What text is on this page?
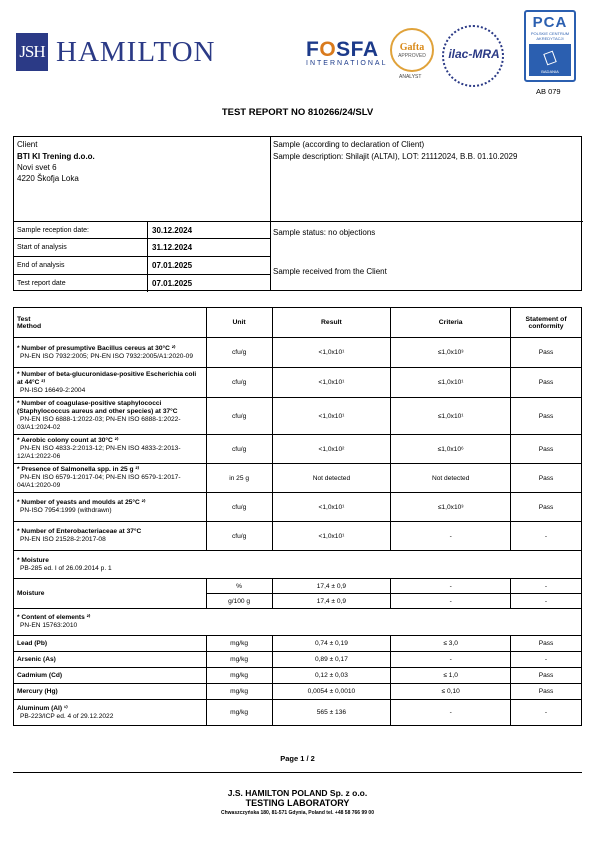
JSH HAMILTON	FOSFA
INTERNATIONAL
Gafta
APPROVED
ANALYST
ilac-MRA
PCA
POLSKIE CENTRUM AKREDYTACJI
BADANIA
AB 079
TEST REPORT NO 810266/24/SLV
Client
BTI KI Trening d.o.o.
Novi svet 6
4220 Škofja Loka
Sample (according to declaration of Client)
Sample description: Shilajit (ALTAI), LOT: 21112024, B.B. 01.10.2029
Sample reception date:	30.12.2024
Start of analysis	31.12.2024
End of analysis	07.01.2025
Test report date	07.01.2025
Sample status: no objections
Sample received from the Client
Test
Method	Unit	Result	Criteria	Statement of conformity
* Number of presumptive Bacillus cereus at 30°C ²⁾
PN-EN ISO 7932:2005; PN-EN ISO 7932:2005/A1:2020-09	cfu/g	<1,0x10¹	≤1,0x10³	Pass
* Number of beta-glucuronidase-positive Escherichia coli at 44°C ²⁾
PN-ISO 16649-2:2004	cfu/g	<1,0x10¹	≤1,0x10¹	Pass
* Number of coagulase-positive staphylococci (Staphylococcus aureus and other species) at 37°C
PN-EN ISO 6888-1:2022-03; PN-EN ISO 6888-1:2022-03/A1:2024-02	cfu/g	<1,0x10¹	≤1,0x10¹	Pass
* Aerobic colony count at 30°C ²⁾
PN-EN ISO 4833-2:2013-12; PN-EN ISO 4833-2:2013-12/A1:2022-06	cfu/g	<1,0x10²	≤1,0x10⁶	Pass
* Presence of Salmonella spp. in 25 g ²⁾
PN-EN ISO 6579-1:2017-04; PN-EN ISO 6579-1:2017-04/A1:2020-09	in 25 g	Not detected	Not detected	Pass
* Number of yeasts and moulds at 25°C ²⁾
PN-ISO 7954:1999 (withdrawn)	cfu/g	<1,0x10¹	≤1,0x10³	Pass
* Number of Enterobacteriaceae at 37°C
PN-EN ISO 21528-2:2017-08	cfu/g	<1,0x10¹	-	-
* Moisture
PB-285 ed. I of 26.09.2014 p. 1				
Moisture	%	17,4 ± 0,9	-	-
	g/100 g	17,4 ± 0,9	-	-
* Content of elements ²⁾
PN-EN 15763:2010				
Lead (Pb)	mg/kg	0,74 ± 0,19	≤ 3,0	Pass
Arsenic (As)	mg/kg	0,89 ± 0,17	-	-
Cadmium (Cd)	mg/kg	0,12 ± 0,03	≤ 1,0	Pass
Mercury (Hg)	mg/kg	0,0054 ± 0,0010	≤ 0,10	Pass
Aluminum (Al) ¹⁾
PB-223/ICP ed. 4 of 29.12.2022	mg/kg	565 ± 136	-	-
Page 1 / 2
J.S. HAMILTON POLAND Sp. z o.o.
TESTING LABORATORY
Chwaszczyńska 180, 81-571 Gdynia, Poland tel. +48 58 766 99 00
